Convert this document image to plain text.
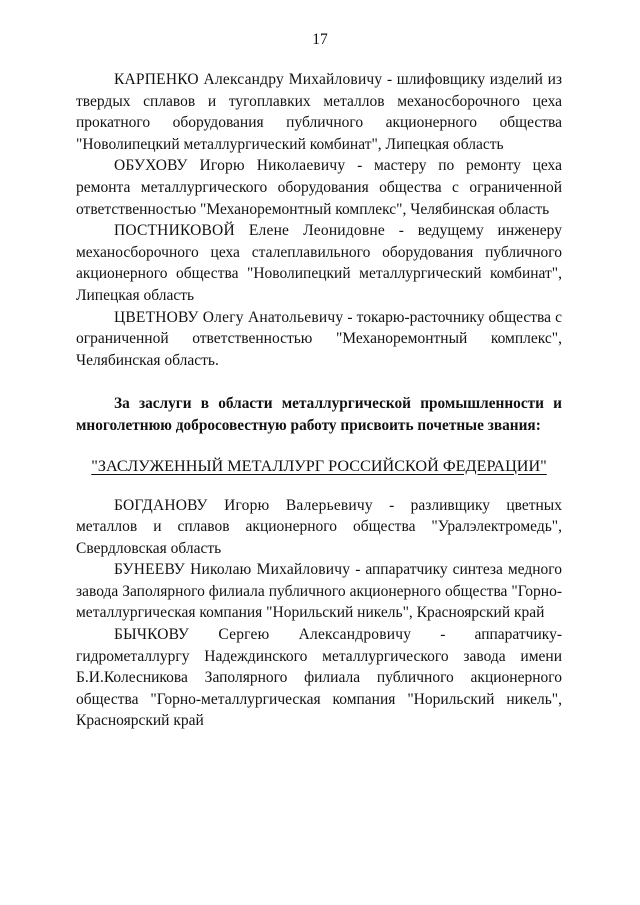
17
КАРПЕНКО Александру Михайловичу - шлифовщику изделий из твердых сплавов и тугоплавких металлов механосборочного цеха прокатного оборудования публичного акционерного общества "Новолипецкий металлургический комбинат", Липецкая область
ОБУХОВУ Игорю Николаевичу - мастеру по ремонту цеха ремонта металлургического оборудования общества с ограниченной ответственностью "Механоремонтный комплекс", Челябинская область
ПОСТНИКОВОЙ Елене Леонидовне - ведущему инженеру механосборочного цеха сталеплавильного оборудования публичного акционерного общества "Новолипецкий металлургический комбинат", Липецкая область
ЦВЕТНОВУ Олегу Анатольевичу - токарю-расточнику общества с ограниченной ответственностью "Механоремонтный комплекс", Челябинская область.
За заслуги в области металлургической промышленности и многолетнюю добросовестную работу присвоить почетные звания:
"ЗАСЛУЖЕННЫЙ МЕТАЛЛУРГ РОССИЙСКОЙ ФЕДЕРАЦИИ"
БОГДАНОВУ Игорю Валерьевичу - разливщику цветных металлов и сплавов акционерного общества "Уралэлектромедь", Свердловская область
БУНЕЕВУ Николаю Михайловичу - аппаратчику синтеза медного завода Заполярного филиала публичного акционерного общества "Горно-металлургическая компания "Норильский никель", Красноярский край
БЫЧКОВУ Сергею Александровичу - аппаратчику-гидрометаллургу Надеждинского металлургического завода имени Б.И.Колесникова Заполярного филиала публичного акционерного общества "Горно-металлургическая компания "Норильский никель", Красноярский край
